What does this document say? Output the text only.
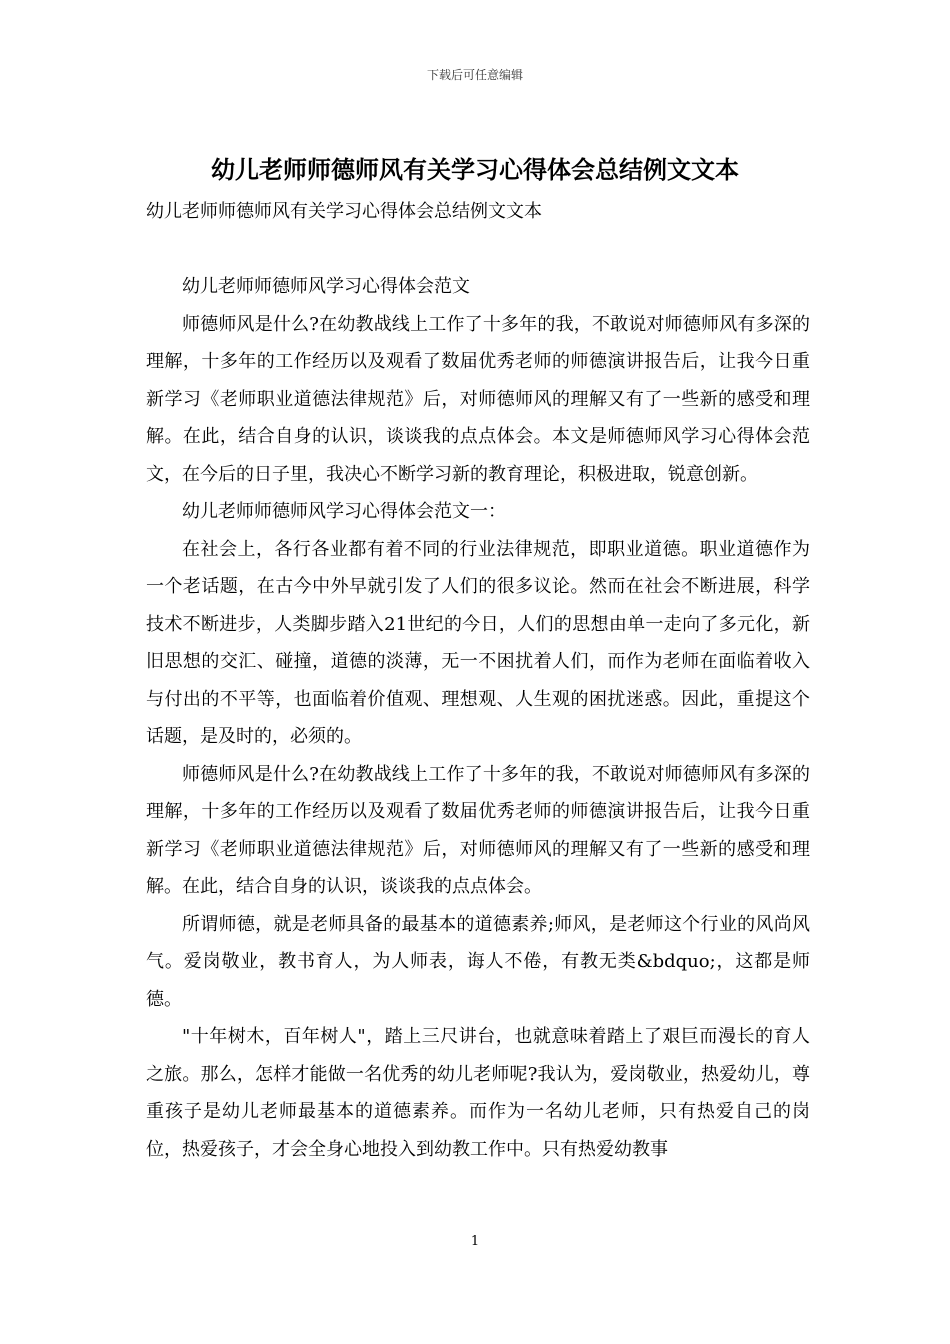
下载后可任意编辑
幼儿老师师德师风有关学习心得体会总结例文文本

幼儿老师师德师风有关学习心得体会总结例文文本

幼儿老师师德师风学习心得体会范文

师德师风是什么?在幼教战线上工作了十多年的我，不敢说对师德师风有多深的理解，十多年的工作经历以及观看了数届优秀老师的师德演讲报告后，让我今日重新学习《老师职业道德法律规范》后，对师德师风的理解又有了一些新的感受和理解。在此，结合自身的认识，谈谈我的点点体会。本文是师德师风学习心得体会范文，在今后的日子里，我决心不断学习新的教育理论，积极进取，锐意创新。

幼儿老师师德师风学习心得体会范文一：

在社会上，各行各业都有着不同的行业法律规范，即职业道德。职业道德作为一个老话题，在古今中外早就引发了人们的很多议论。然而在社会不断进展，科学技术不断进步，人类脚步踏入21世纪的今日，人们的思想由单一走向了多元化，新旧思想的交汇、碰撞，道德的淡薄，无一不困扰着人们，而作为老师在面临着收入与付出的不平等，也面临着价值观、理想观、人生观的困扰迷惑。因此，重提这个话题，是及时的，必须的。

师德师风是什么?在幼教战线上工作了十多年的我，不敢说对师德师风有多深的理解，十多年的工作经历以及观看了数届优秀老师的师德演讲报告后，让我今日重新学习《老师职业道德法律规范》后，对师德师风的理解又有了一些新的感受和理解。在此，结合自身的认识，谈谈我的点点体会。

所谓师德，就是老师具备的最基本的道德素养;师风，是老师这个行业的风尚风气。爱岗敬业，教书育人，为人师表，诲人不倦，有教无类&bdquo;，这都是师德。

"十年树木，百年树人"，踏上三尺讲台，也就意味着踏上了艰巨而漫长的育人之旅。那么，怎样才能做一名优秀的幼儿老师呢?我认为，爱岗敬业，热爱幼儿，尊重孩子是幼儿老师最基本的道德素养。而作为一名幼儿老师，只有热爱自己的岗位，热爱孩子，才会全身心地投入到幼教工作中。只有热爱幼教事

1
